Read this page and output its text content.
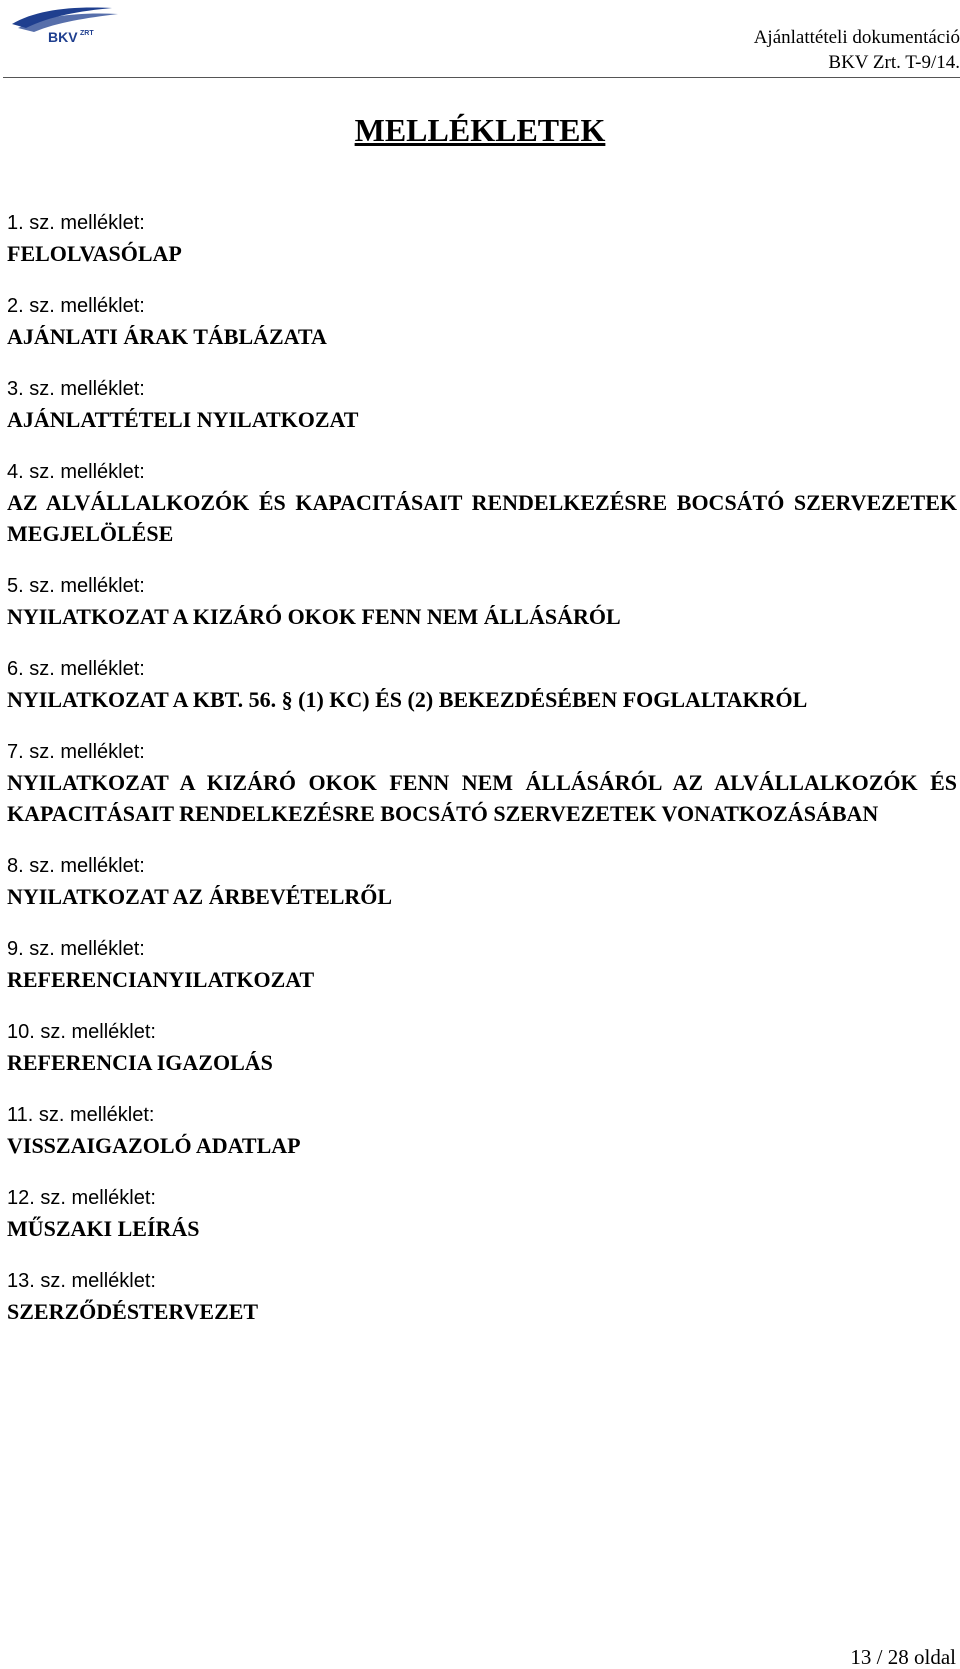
BKV ZRT	Ajánlattételi dokumentáció
BKV Zrt. T-9/14.
MELLÉKLETEK
1. sz. melléklet:
FELOLVASÓLAP
2. sz. melléklet:
AJÁNLATI ÁRAK TÁBLÁZATA
3. sz. melléklet:
AJÁNLATTÉTELI NYILATKOZAT
4. sz. melléklet:
AZ ALVÁLLALKOZÓK ÉS KAPACITÁSAIT RENDELKEZÉSRE BOCSÁTÓ SZERVEZETEK MEGJELÖLÉSE
5. sz. melléklet:
NYILATKOZAT A KIZÁRÓ OKOK FENN NEM ÁLLÁSÁRÓL
6. sz. melléklet:
NYILATKOZAT A KBT. 56. § (1) KC) ÉS (2) BEKEZDÉSÉBEN FOGLALTAKRÓL
7. sz. melléklet:
NYILATKOZAT A KIZÁRÓ OKOK FENN NEM ÁLLÁSÁRÓL AZ ALVÁLLALKOZÓK ÉS KAPACITÁSAIT RENDELKEZÉSRE BOCSÁTÓ SZERVEZETEK VONATKOZÁSÁBAN
8. sz. melléklet:
NYILATKOZAT AZ ÁRBEVÉTELRŐL
9. sz. melléklet:
REFERENCIANYILATKOZAT
10. sz. melléklet:
REFERENCIA IGAZOLÁS
11. sz. melléklet:
VISSZAIGAZOLÓ ADATLAP
12. sz. melléklet:
MŰSZAKI LEÍRÁS
13. sz. melléklet:
SZERZŐDÉSTERVEZET
13 / 28 oldal
